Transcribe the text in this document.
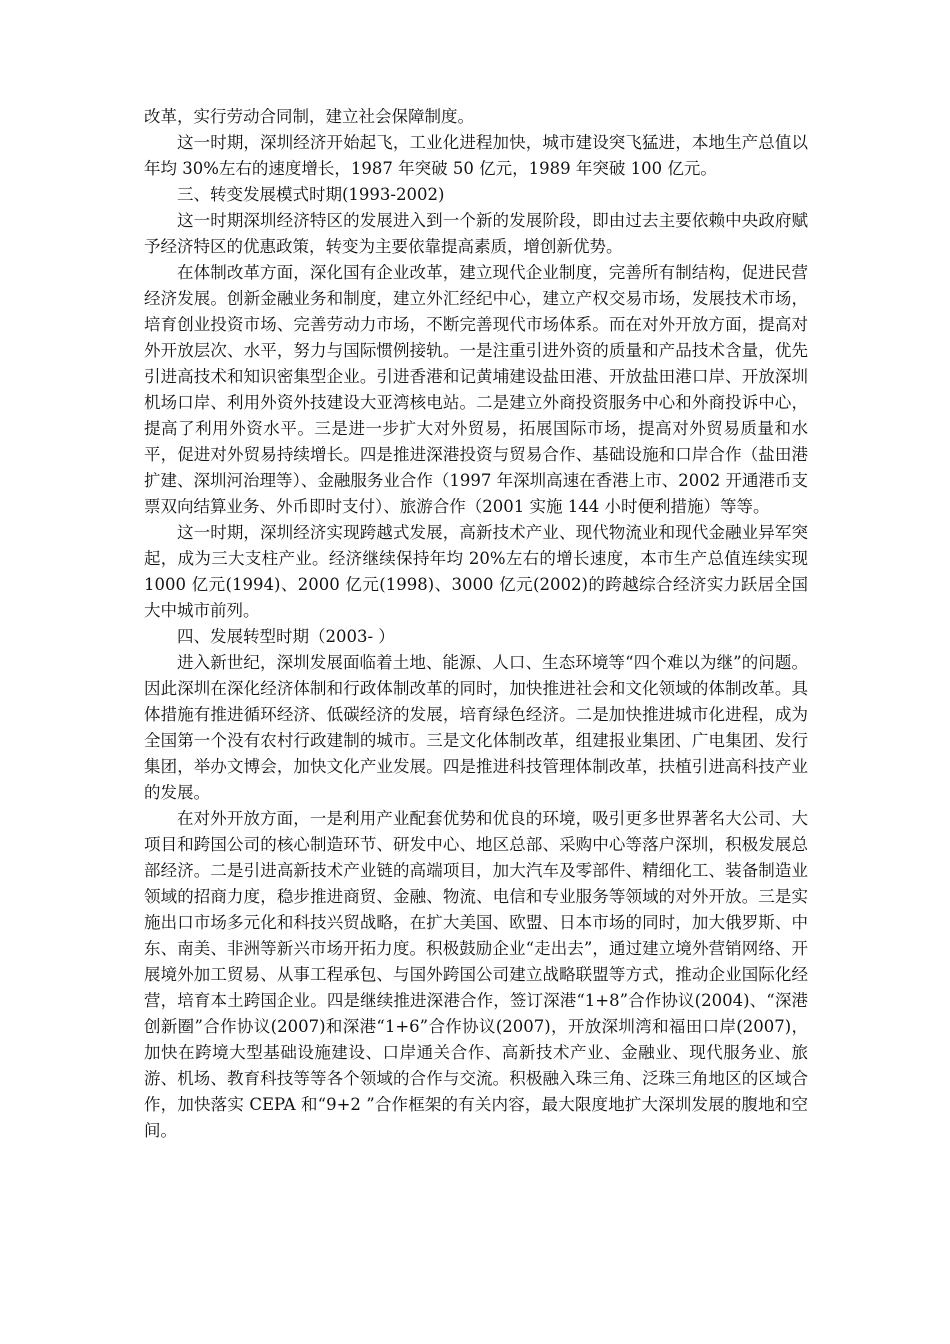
改革，实行劳动合同制，建立社会保障制度。

这一时期，深圳经济开始起飞，工业化进程加快，城市建设突飞猛进，本地生产总值以年均 30%左右的速度增长，1987 年突破 50 亿元，1989 年突破 100 亿元。

三、转变发展模式时期(1993-2002)

这一时期深圳经济特区的发展进入到一个新的发展阶段，即由过去主要依赖中央政府赋予经济特区的优惠政策，转变为主要依靠提高素质，增创新优势。

在体制改革方面，深化国有企业改革，建立现代企业制度，完善所有制结构，促进民营经济发展。创新金融业务和制度，建立外汇经纪中心，建立产权交易市场，发展技术市场，培育创业投资市场、完善劳动力市场，不断完善现代市场体系。而在对外开放方面，提高对外开放层次、水平，努力与国际惯例接轨。一是注重引进外资的质量和产品技术含量，优先引进高技术和知识密集型企业。引进香港和记黄埔建设盐田港、开放盐田港口岸、开放深圳机场口岸、利用外资外技建设大亚湾核电站。二是建立外商投资服务中心和外商投诉中心，提高了利用外资水平。三是进一步扩大对外贸易，拓展国际市场，提高对外贸易质量和水平，促进对外贸易持续增长。四是推进深港投资与贸易合作、基础设施和口岸合作（盐田港扩建、深圳河治理等）、金融服务业合作（1997 年深圳高速在香港上市、2002 开通港币支票双向结算业务、外币即时支付）、旅游合作（2001 实施 144 小时便利措施）等等。

这一时期，深圳经济实现跨越式发展，高新技术产业、现代物流业和现代金融业异军突起，成为三大支柱产业。经济继续保持年均 20%左右的增长速度，本市生产总值连续实现 1000 亿元(1994)、2000 亿元(1998)、3000 亿元(2002)的跨越综合经济实力跃居全国大中城市前列。

四、发展转型时期（2003- ）

进入新世纪，深圳发展面临着土地、能源、人口、生态环境等“四个难以为继”的问题。因此深圳在深化经济体制和行政体制改革的同时，加快推进社会和文化领域的体制改革。具体措施有推进循环经济、低碳经济的发展，培育绿色经济。二是加快推进城市化进程，成为全国第一个没有农村行政建制的城市。三是文化体制改革，组建报业集团、广电集团、发行集团，举办文博会，加快文化产业发展。四是推进科技管理体制改革，扶植引进高科技产业的发展。

在对外开放方面，一是利用产业配套优势和优良的环境，吸引更多世界著名大公司、大项目和跨国公司的核心制造环节、研发中心、地区总部、采购中心等落户深圳，积极发展总部经济。二是引进高新技术产业链的高端项目，加大汽车及零部件、精细化工、装备制造业领域的招商力度，稳步推进商贸、金融、物流、电信和专业服务等领域的对外开放。三是实施出口市场多元化和科技兴贸战略，在扩大美国、欧盟、日本市场的同时，加大俄罗斯、中东、南美、非洲等新兴市场开拓力度。积极鼓励企业“走出去”，通过建立境外营销网络、开展境外加工贸易、从事工程承包、与国外跨国公司建立战略联盟等方式，推动企业国际化经营，培育本土跨国企业。四是继续推进深港合作，签订深港“1+8”合作协议(2004)、“深港创新圈”合作协议(2007)和深港“1+6”合作协议(2007)，开放深圳湾和福田口岸(2007)，加快在跨境大型基础设施建设、口岸通关合作、高新技术产业、金融业、现代服务业、旅游、机场、教育科技等等各个领域的合作与交流。积极融入珠三角、泛珠三角地区的区域合作，加快落实 CEPA 和“9+2 ”合作框架的有关内容，最大限度地扩大深圳发展的腹地和空间。
